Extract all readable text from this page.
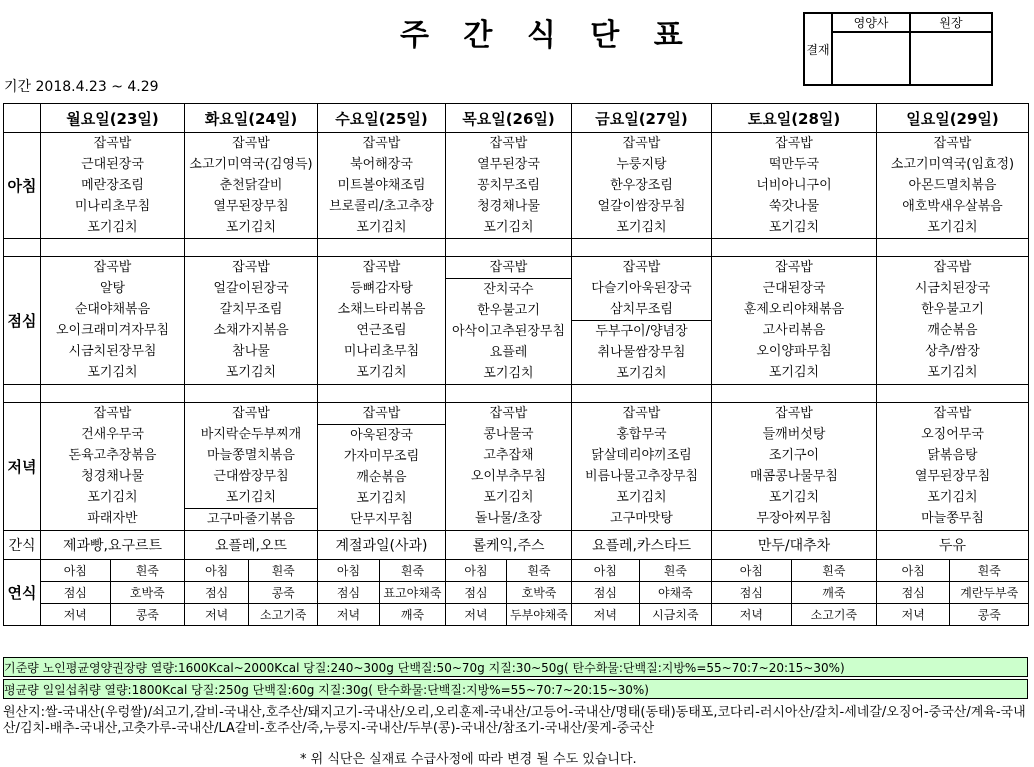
주 간 식 단 표
기간 2018.4.23 ~ 4.29
결재	영양사	원장

	월요일(23일)	화요일(24일)	수요일(25일)	목요일(26일)	금요일(27일)	토요일(28일)	일요일(29일)
아침	
잡곡밥
근대된장국
메란장조림
미나리초무침
포기김치

잡곡밥
소고기미역국(김영득)
춘천닭갈비
열무된장무침
포기김치

잡곡밥
북어해장국
미트볼야채조림
브로콜리/초고추장
포기김치

잡곡밥
열무된장국
꽁치무조림
청경채나물
포기김치

잡곡밥
누룽지탕
한우장조림
얼갈이쌈장무침
포기김치

잡곡밥
떡만두국
너비아니구이
쑥갓나물
포기김치

잡곡밥
소고기미역국(임효정)
아몬드멸치볶음
애호박새우살볶음
포기김치

점심	
잡곡밥
알탕
순대야채볶음
오이크래미겨자무침
시금치된장무침
포기김치

잡곡밥
얼갈이된장국
갈치무조림
소채가지볶음
참나물
포기김치

잡곡밥
등뼈감자탕
소채느타리볶음
연근조림
미나리초무침
포기김치

잡곡밥
잔치국수
한우불고기
아삭이고추된장무침
요플레
포기김치

잡곡밥
다슬기아욱된장국
삼치무조림
두부구이/양념장
취나물쌈장무침
포기김치

잡곡밥
근대된장국
훈제오리야채볶음
고사리볶음
오이양파무침
포기김치

잡곡밥
시금치된장국
한우불고기
깨순볶음
상추/쌈장
포기김치

저녁	
잡곡밥
건새우무국
돈육고추장볶음
청경채나물
포기김치
파래자반

잡곡밥
바지락순두부찌개
마늘쫑멸치볶음
근대쌈장무침
포기김치
고구마줄기볶음

잡곡밥
아욱된장국
가자미무조림
깨순볶음
포기김치
단무지무침

잡곡밥
콩나물국
고추잡채
오이부추무침
포기김치
돌나물/초장

잡곡밥
홍합무국
닭살데리야끼조림
비름나물고추장무침
포기김치
고구마맛탕

잡곡밥
들깨버섯탕
조기구이
매콤콩나물무침
포기김치
무장아찌무침

잡곡밥
오징어무국
닭볶음탕
열무된장무침
포기김치
마늘쫑무침

간식	제과빵,요구르트	요플레,오뜨	계절과일(사과)	롤케익,주스	요플레,카스타드	만두/대추차	두유
연식	
아침	흰죽
점심	호박죽
저녁	콩죽

아침	흰죽
점심	콩죽
저녁	소고기죽

아침	흰죽
점심	표고야채죽
저녁	깨죽

아침	흰죽
점심	호박죽
저녁	두부야채죽

아침	흰죽
점심	야채죽
저녁	시금치죽

아침	흰죽
점심	깨죽
저녁	소고기죽

아침	흰죽
점심	계란두부죽
저녁	콩죽
기준량 노인평균영양권장량 열량:1600Kcal~2000Kcal 당질:240~300g 단백질:50~70g 지질:30~50g( 탄수화물:단백질:지방%=55~70:7~20:15~30%)
평균량 일일섭취량 열량:1800Kcal 당질:250g 단백질:60g 지질:30g( 탄수화물:단백질:지방%=55~70:7~20:15~30%)
원산지:쌀-국내산(우렁쌀)/쇠고기,갈비-국내산,호주산/돼지고기-국내산/오리,오리훈제-국내산/고등어-국내산/명태(동태)동태포,코다리-러시아산/갈치-세네갈/오징어-중국산/계육-국내산/김치-배추-국내산,고춧가루-국내산/LA갈비-호주산/죽,누룽지-국내산/두부(콩)-국내산/참조기-국내산/꽃게-중국산
* 위 식단은 실재료 수급사정에 따라 변경 될 수도 있습니다.
